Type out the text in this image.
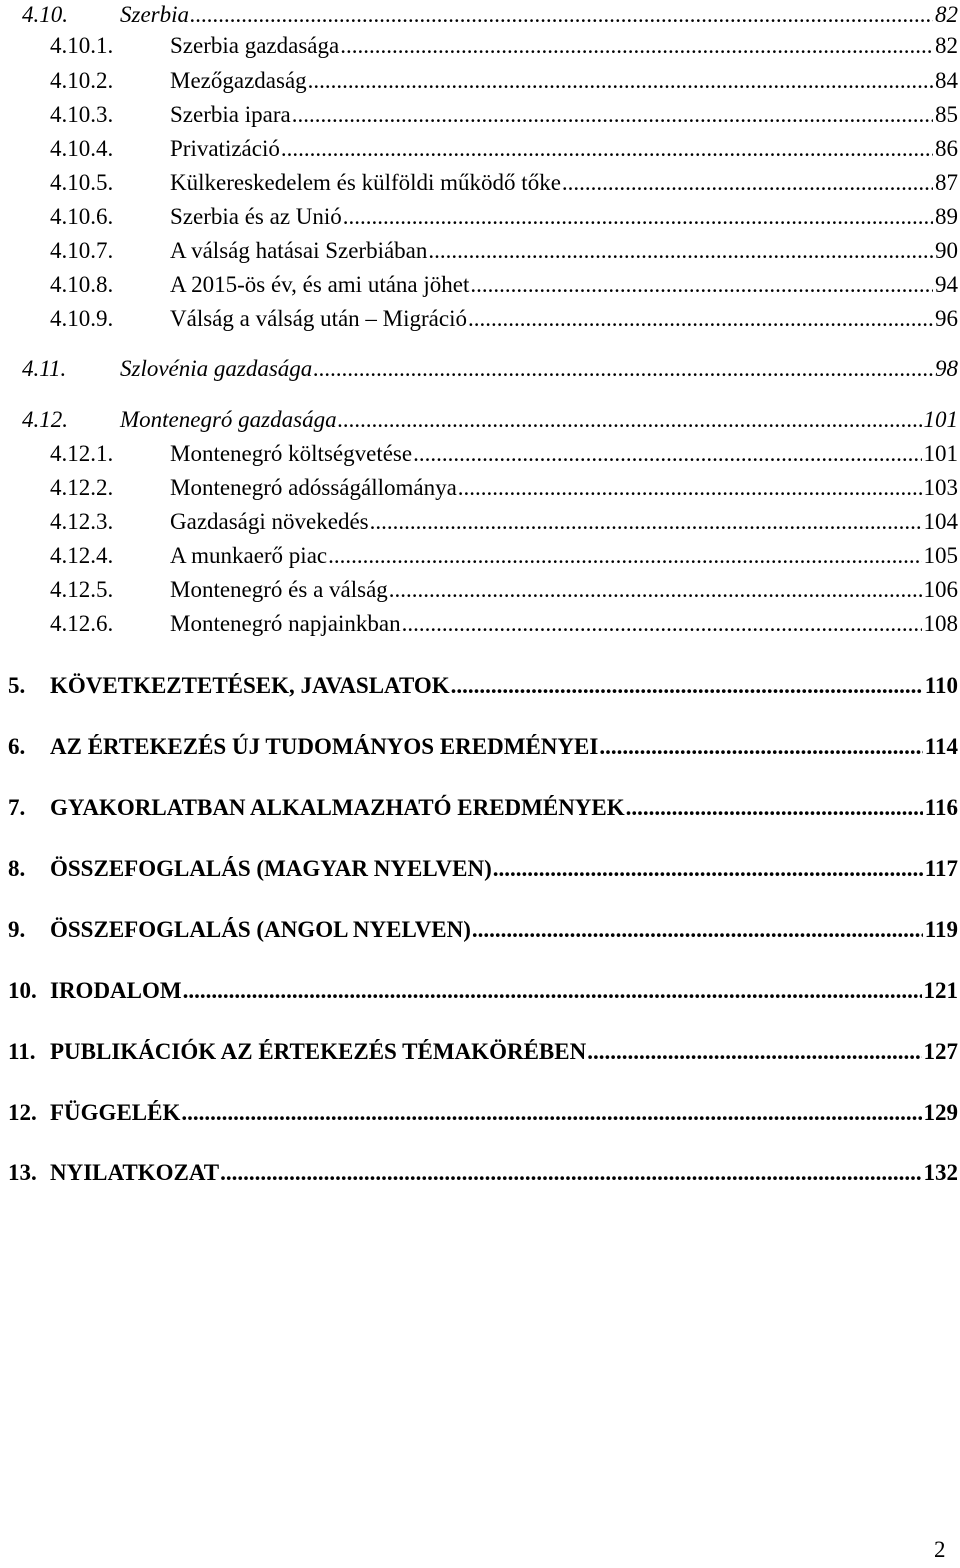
4.10.	Szerbia .....	82
4.10.1.	Szerbia gazdasága .....	82
4.10.2.	Mezőgazdaság .....	84
4.10.3.	Szerbia ipara .....	85
4.10.4.	Privatizáció .....	86
4.10.5.	Külkereskedelem és külföldi működő tőke .....	87
4.10.6.	Szerbia és az Unió .....	89
4.10.7.	A válság hatásai Szerbiában .....	90
4.10.8.	A 2015-ös év, és ami utána jöhet .....	94
4.10.9.	Válság a válság után – Migráció .....	96
4.11.	Szlovénia gazdasága .....	98
4.12.	Montenegró gazdasága .....	101
4.12.1.	Montenegró költségvetése .....	101
4.12.2.	Montenegró adósságállománya .....	103
4.12.3.	Gazdasági növekedés .....	104
4.12.4.	A munkaerő piac .....	105
4.12.5.	Montenegró és a válság .....	106
4.12.6.	Montenegró napjainkban .....	108
5.	KÖVETKEZTETÉSEK, JAVASLATOK .....	110
6.	AZ ÉRTEKEZÉS ÚJ TUDOMÁNYOS EREDMÉNYEI .....	114
7.	GYAKORLATBAN ALKALMAZHATÓ EREDMÉNYEK .....	116
8.	ÖSSZEFOGLALÁS (MAGYAR NYELVEN) .....	117
9.	ÖSSZEFOGLALÁS (ANGOL NYELVEN) .....	119
10. IRODALOM .....	121
11. PUBLIKÁCIÓK AZ ÉRTEKEZÉS TÉMAKÖRÉBEN .....	127
12. FÜGGELÉK .....	129
13. NYILATKOZAT .....	132
2
